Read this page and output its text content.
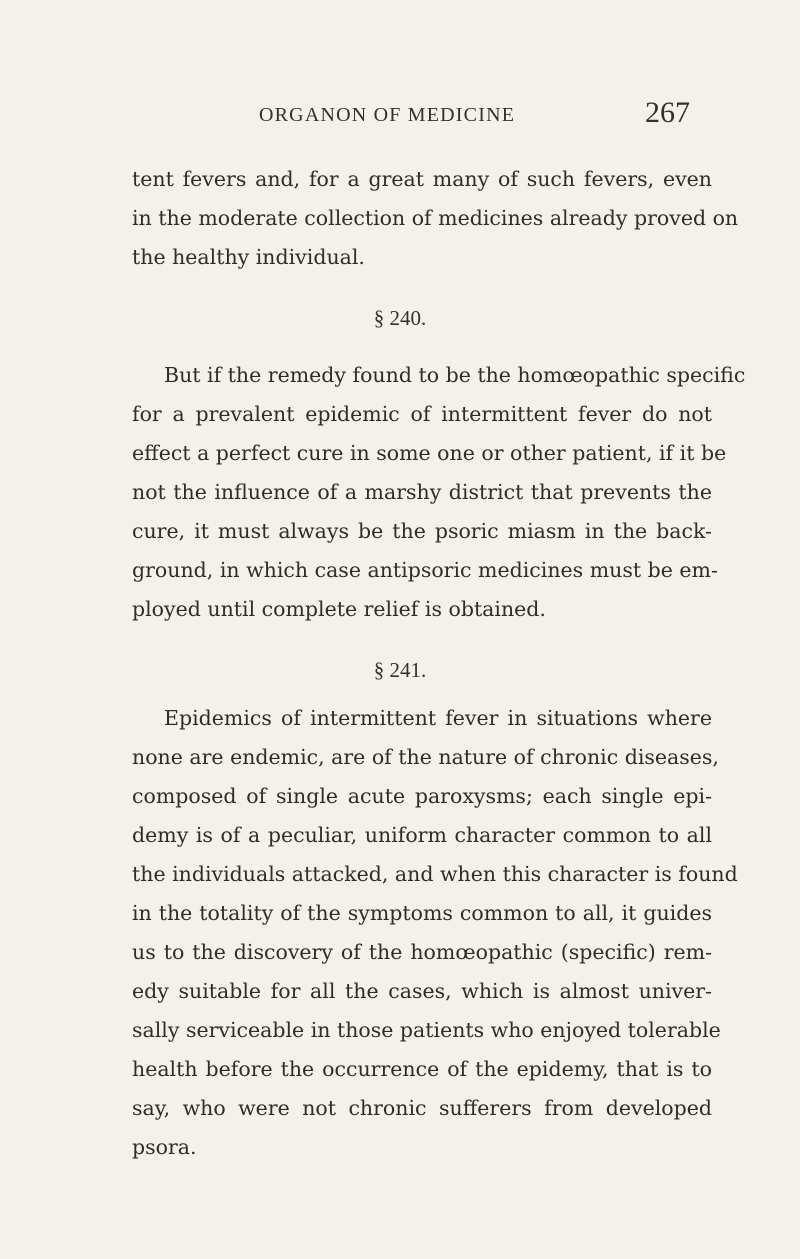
ORGANON OF MEDICINE	267
tent fevers and, for a great many of such fevers, even
in the moderate collection of medicines already proved on
the healthy individual.
§ 240.
But if the remedy found to be the homœopathic specific
for a prevalent epidemic of intermittent fever do not
effect a perfect cure in some one or other patient, if it be
not the influence of a marshy district that prevents the
cure, it must always be the psoric miasm in the back-
ground, in which case antipsoric medicines must be em-
ployed until complete relief is obtained.
§ 241.
Epidemics of intermittent fever in situations where
none are endemic, are of the nature of chronic diseases,
composed of single acute paroxysms; each single epi-
demy is of a peculiar, uniform character common to all
the individuals attacked, and when this character is found
in the totality of the symptoms common to all, it guides
us to the discovery of the homœopathic (specific) rem-
edy suitable for all the cases, which is almost univer-
sally serviceable in those patients who enjoyed tolerable
health before the occurrence of the epidemy, that is to
say, who were not chronic sufferers from developed
psora.
